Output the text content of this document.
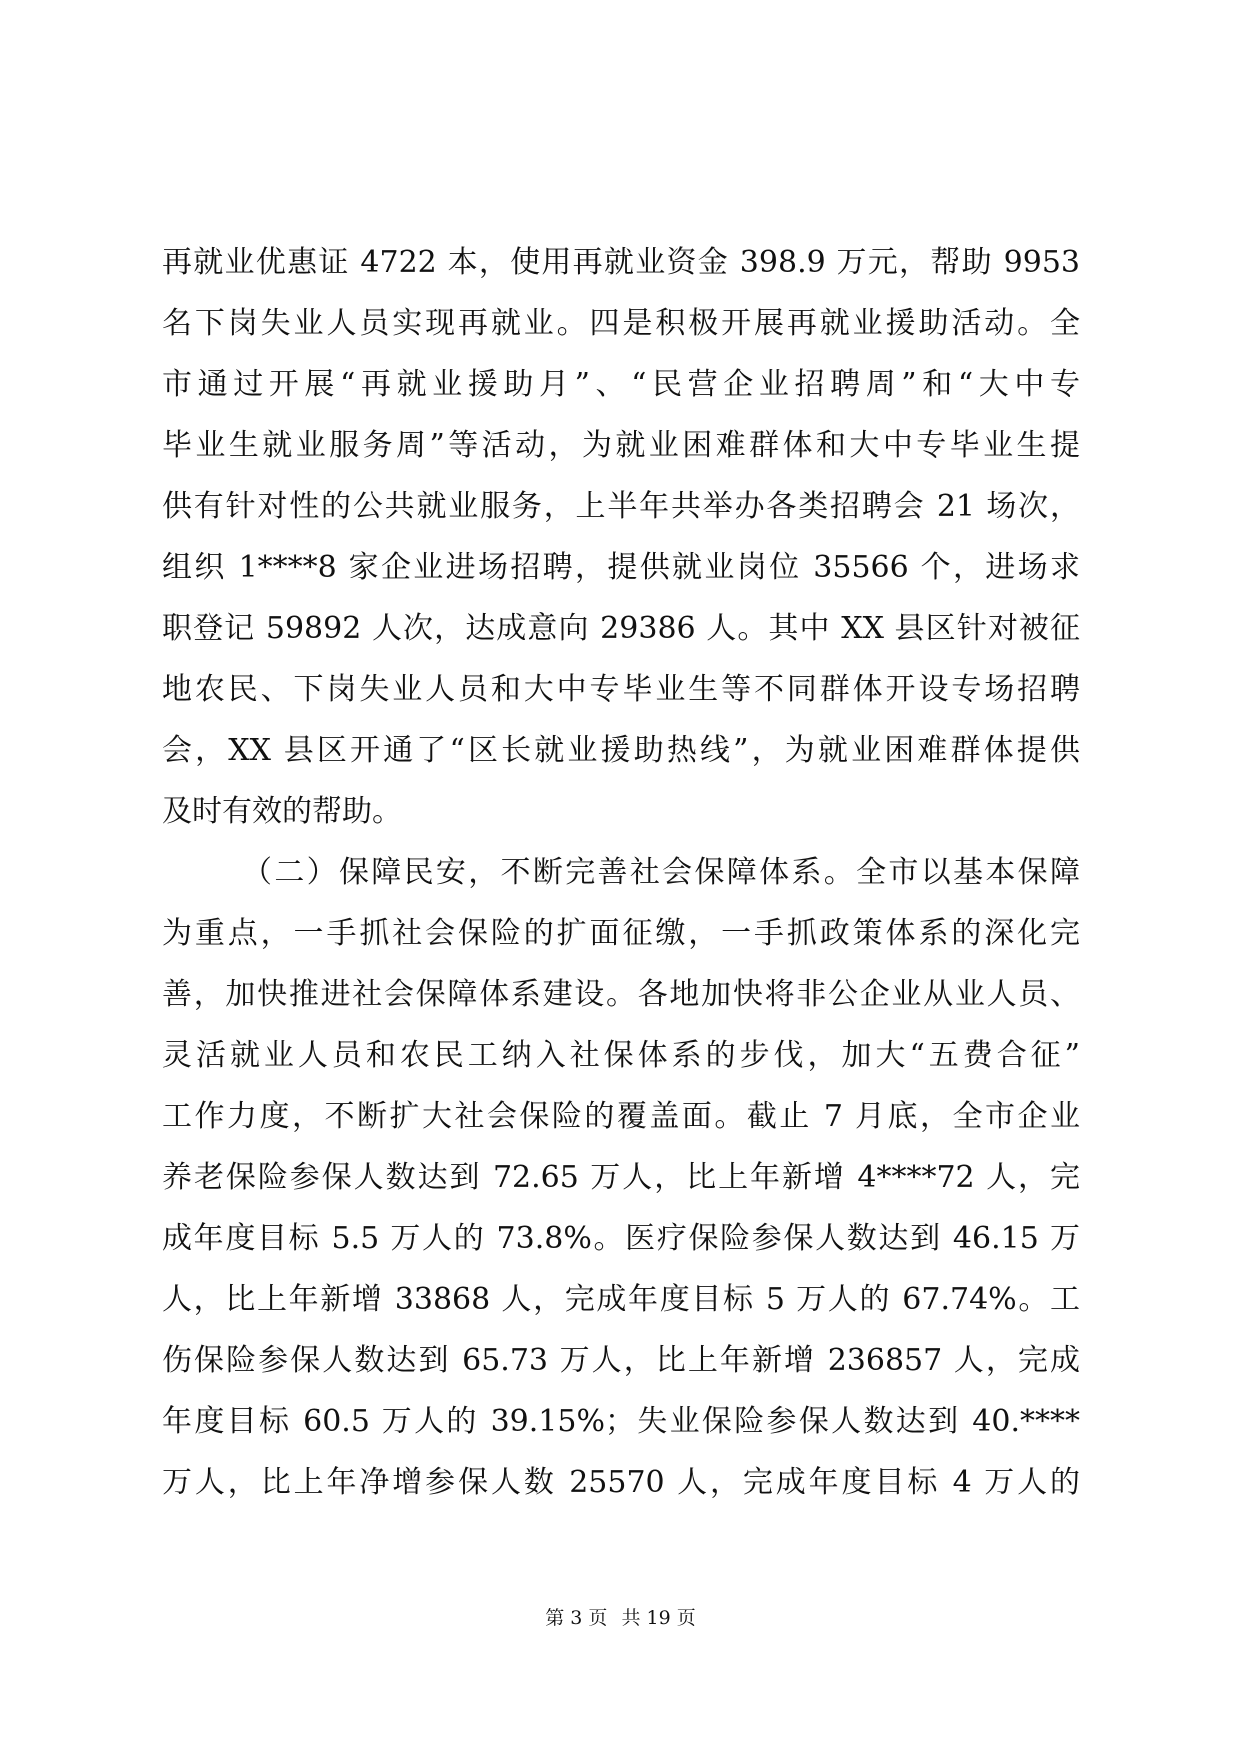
再就业优惠证 4722 本，使用再就业资金 398.9 万元，帮助 9953
名下岗失业人员实现再就业。四是积极开展再就业援助活动。全
市通过开展“再就业援助月”、“民营企业招聘周”和“大中专
毕业生就业服务周”等活动，为就业困难群体和大中专毕业生提
供有针对性的公共就业服务，上半年共举办各类招聘会 21 场次，
组织 1****8 家企业进场招聘，提供就业岗位 35566 个，进场求
职登记 59892 人次，达成意向 29386 人。其中 XX 县区针对被征
地农民、下岗失业人员和大中专毕业生等不同群体开设专场招聘
会，XX 县区开通了“区长就业援助热线”，为就业困难群体提供
及时有效的帮助。
（二）保障民安，不断完善社会保障体系。全市以基本保障
为重点，一手抓社会保险的扩面征缴，一手抓政策体系的深化完
善，加快推进社会保障体系建设。各地加快将非公企业从业人员、
灵活就业人员和农民工纳入社保体系的步伐，加大“五费合征”
工作力度，不断扩大社会保险的覆盖面。截止 7 月底，全市企业
养老保险参保人数达到 72.65 万人，比上年新增 4****72 人，完
成年度目标 5.5 万人的 73.8%。医疗保险参保人数达到 46.15 万
人，比上年新增 33868 人，完成年度目标 5 万人的 67.74%。工
伤保险参保人数达到 65.73 万人，比上年新增 236857 人，完成
年度目标 60.5 万人的 39.15%；失业保险参保人数达到 40.****
万人，比上年净增参保人数 25570 人，完成年度目标 4 万人的
第 3 页 共 19 页
